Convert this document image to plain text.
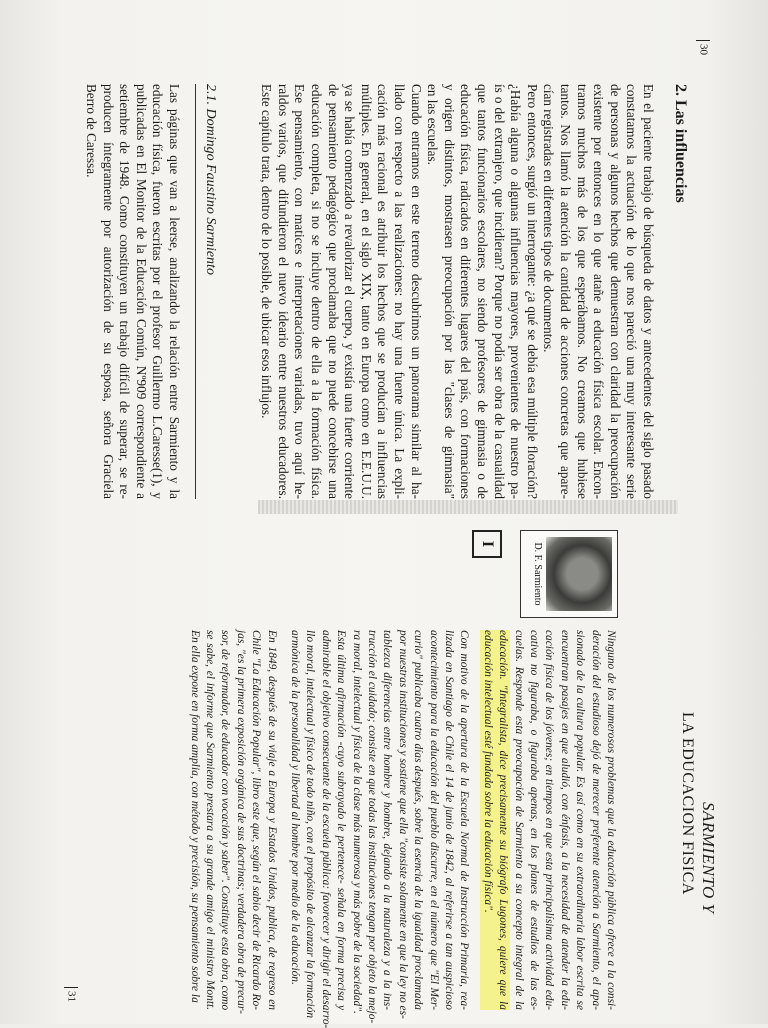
30
2. Las influencias
En el paciente trabajo de búsqueda de datos y antecedentes del siglo pasado
constatamos la actuación de lo que nos pareció una muy interesante serie
de personas y algunos hechos que demuestran con claridad la preocupación
existente por entonces en lo que atañe a educación física escolar. Encon-
tramos muchos más de los que esperábamos. No creamos que hubiese
tantos. Nos llamó la atención la cantidad de acciones concretas que apare-
cían registradas en diferentes tipos de documentos.
Pero entonces, surgió un interrogante: ¿a qué se debía esa múltiple floración?
¿Había alguna o algunas influencias mayores, provenientes de nuestro pa-
ís o del extranjero, que incidieran? Porque no podía ser obra de la casualidad
que tantos funcionarios escolares, no siendo profesores de gimnasia o de
educación física, radicados en diferentes lugares del país, con formaciones
y origen distintos, mostrasen preocupación por las "clases de gimnasia"
en las escuelas.
Cuando entramos en este terreno descubrimos un panorama similar al ha-
llado con respecto a las realizaciones: no hay una fuente única. La expli-
cación más racional es atribuir los hechos que se producían a influencias
múltiples. En general, en el siglo XIX, tanto en Europa como en E.E.U.U.
ya se había comenzado a revalorizar el cuerpo, y existía una fuerte corriente
de pensamiento pedagógico que proclamaba que no puede concebirse una
educación completa, si no se incluye dentro de ella a la formación física.
Ese pensamiento, con matices e interpretaciones variadas, tuvo aquí he-
raldos varios, que difundieron el nuevo ideario entre nuestros educadores.
Este capítulo trata, dentro de lo posible, de ubicar esos influjos.
2.1. Domingo Faustino Sarmiento
Las páginas que van a leerse, analizando la relación entre Sarmiento y la
educación física, fueron escritas por el profesor Guillermo L.Caresse(1), y
publicadas en El Monitor de la Educación Común, Nº909 correspondiente a
setiembre de 1948. Como constituyen un trabajo difícil de superar, se re-
producen íntegramente por autorización de su esposa, señora Graciela
Berro de Caressa.
SARMIENTO Y
LA EDUCACION FISICA
D. F. Sarmiento
I
Ninguno de los numerosos problemas que la educación pública ofrece a la consi-
deración del estudioso dejó de merecer preferente atención a Sarmiento, el apa-
sionado de la cultura popular. Es así como en su extraordinaria labor escrita se
encuentran pasajes en que aludió, con énfasis, a la necesidad de atender la edu-
cación física de los jóvenes; en tiempos en que esta principalísima actividad edu-
cativa no figuraba, o figuraba apenas, en los planes de estudios de las es-
cuelas. Responde esta preocupación de Sarmiento a su concepto integral de la
educación. "Integralista, dice precisamente su biógrafo Lugones, quiere que la
educación intelectual esté fundada sobre la educación física".
Con motivo de la apertura de la Escuela Normal de Instrucción Primaria, rea-
lizada en Santiago de Chile el 14 de junio de 1842, al referirse a tan auspicioso
acontecimiento para la educación del pueblo discurre, en el número que "El Mer-
curio" publicaba cuatro días después, sobre la esencia de la igualdad proclamada
por nuestras instituciones y sostiene que ella "consiste solamente en que la ley no es-
tablezca diferencias entre hombre y hombre, dejando a la naturaleza y a la ins-
trucción el cuidado; consiste en que todas las instituciones tengan por objeto la mejo-
ra moral, intelectual y física de la clase más numerosa y más pobre de la sociedad".
Esta última afirmación -cuyo subrayado le pertenece- señala en forma precisa y
admirable el objetivo consecuente de la escuela pública: favorecer y dirigir el desarro-
llo moral, intelectual y físico de todo niño, con el propósito de alcanzar la formación
armónica de la personalidad y libertad al hombre por medio de la educación.
En 1849, después de su viaje a Europa y Estados Unidos, publica, de regreso en
Chile "La Educación Popular", libro este que, según el sabio decir de Ricardo Ro-
jas, "es la primera exposición orgánica de sus doctrinas; verdadera obra de precur-
sor, de reformador, de educador con vocación y saber". Constituye esta obra, como
se sabe, el informe que Sarmiento prestara a su grande amigo el ministro Montt.
En ella expone en forma amplia, con método y precisión, su pensamiento sobre la
31
